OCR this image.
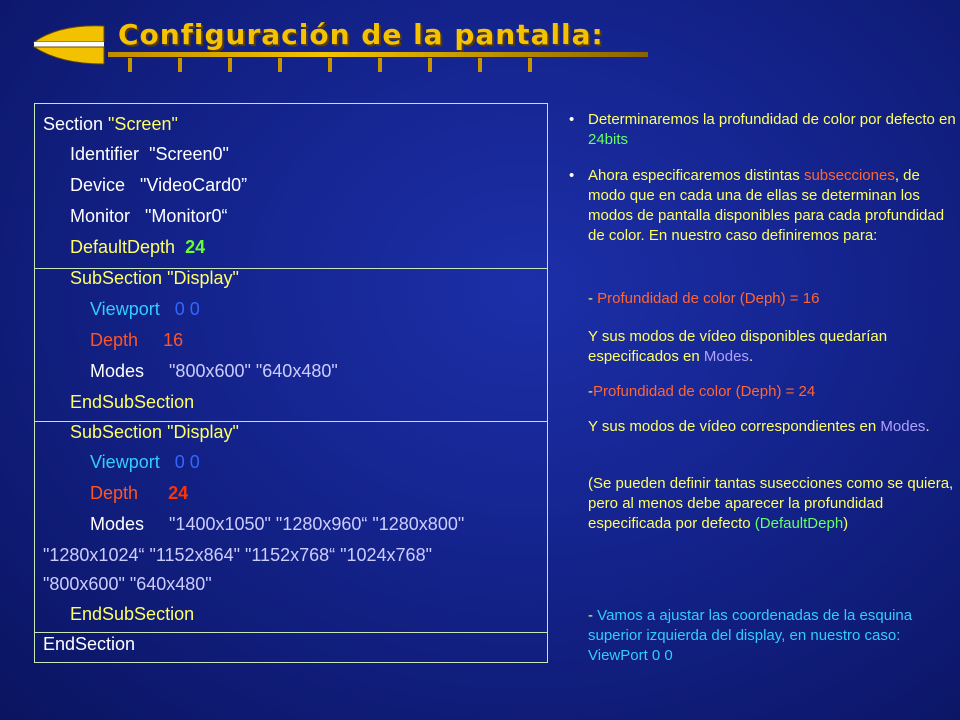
Configuración de la pantalla:
Section "Screen"
Identifier  "Screen0"
Device   "VideoCard0”
Monitor   "Monitor0“
DefaultDepth  24
SubSection "Display"
Viewport   0 0
Depth     16
Modes     "800x600" "640x480"
EndSubSection
SubSection "Display"
Viewport   0 0
Depth      24
Modes     "1400x1050" "1280x960“ "1280x800"
"1280x1024“ "1152x864" "1152x768“ "1024x768"
"800x600" "640x480"
EndSubSection
EndSection
• Determinaremos la profundidad de color por defecto en 24bits
• Ahora especificaremos distintas subsecciones, de modo que en cada una de ellas se determinan los modos de pantalla disponibles para cada profundidad de color. En nuestro caso definiremos para:
- Profundidad de color (Deph) = 16
Y sus modos de vídeo disponibles quedarían especificados en Modes.
-Profundidad de color (Deph) = 24
Y sus modos de vídeo correspondientes en Modes.
(Se pueden definir tantas susecciones como se quiera, pero al menos debe aparecer la profundidad especificada por defecto (DefaultDeph)
- Vamos a ajustar las coordenadas de la esquina superior izquierda del display, en nuestro caso: ViewPort 0 0
